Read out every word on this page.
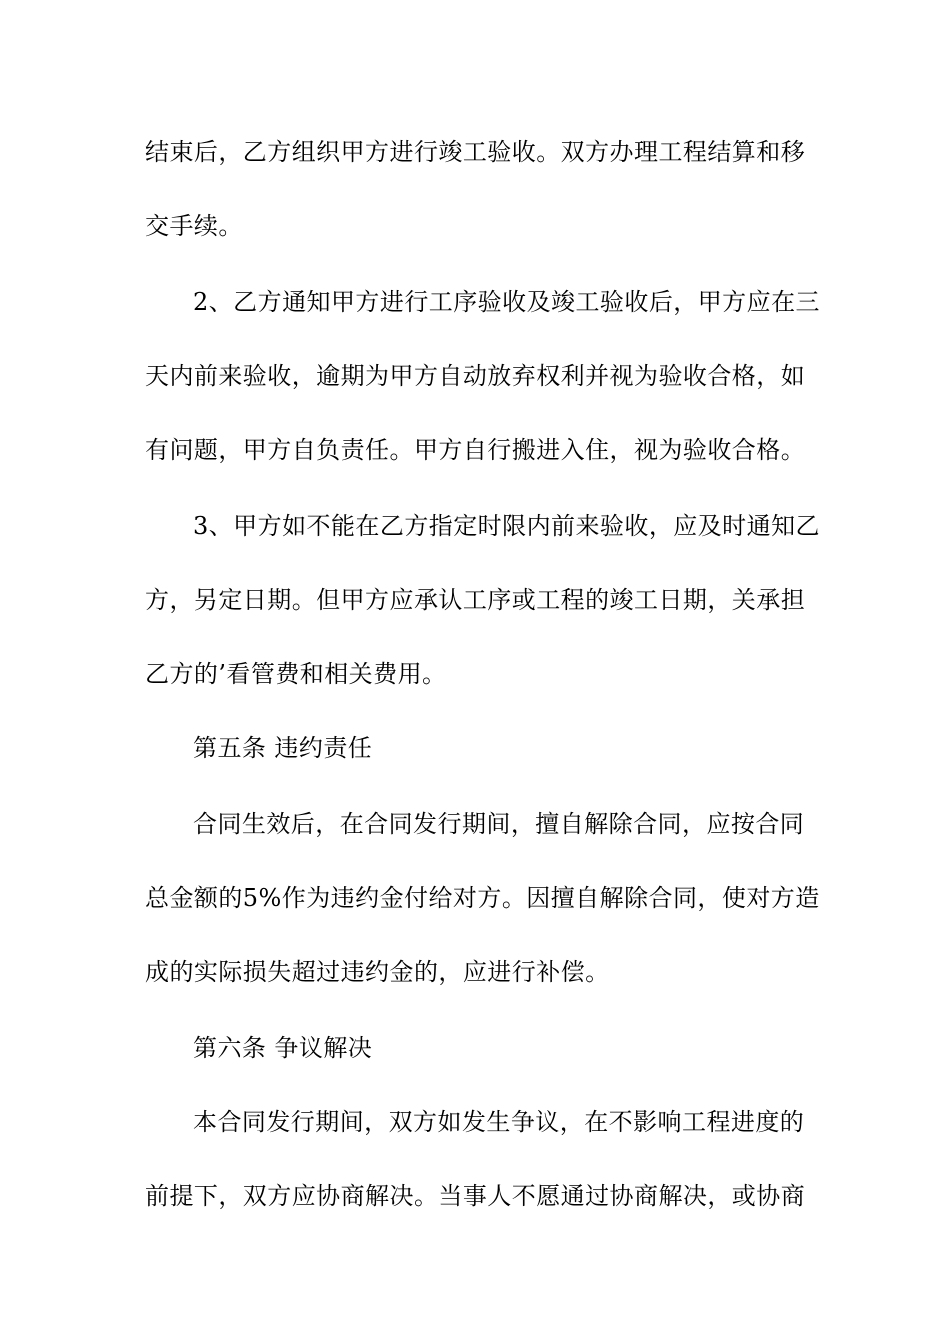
结束后，乙方组织甲方进行竣工验收。双方办理工程结算和移
交手续。
2、乙方通知甲方进行工序验收及竣工验收后，甲方应在三
天内前来验收，逾期为甲方自动放弃权利并视为验收合格，如
有问题，甲方自负责任。甲方自行搬进入住，视为验收合格。
3、甲方如不能在乙方指定时限内前来验收，应及时通知乙
方，另定日期。但甲方应承认工序或工程的竣工日期，关承担
乙方的’看管费和相关费用。
第五条 违约责任
合同生效后，在合同发行期间，擅自解除合同，应按合同
总金额的5%作为违约金付给对方。因擅自解除合同，使对方造
成的实际损失超过违约金的，应进行补偿。
第六条 争议解决
本合同发行期间，双方如发生争议，在不影响工程进度的
前提下，双方应协商解决。当事人不愿通过协商解决，或协商
